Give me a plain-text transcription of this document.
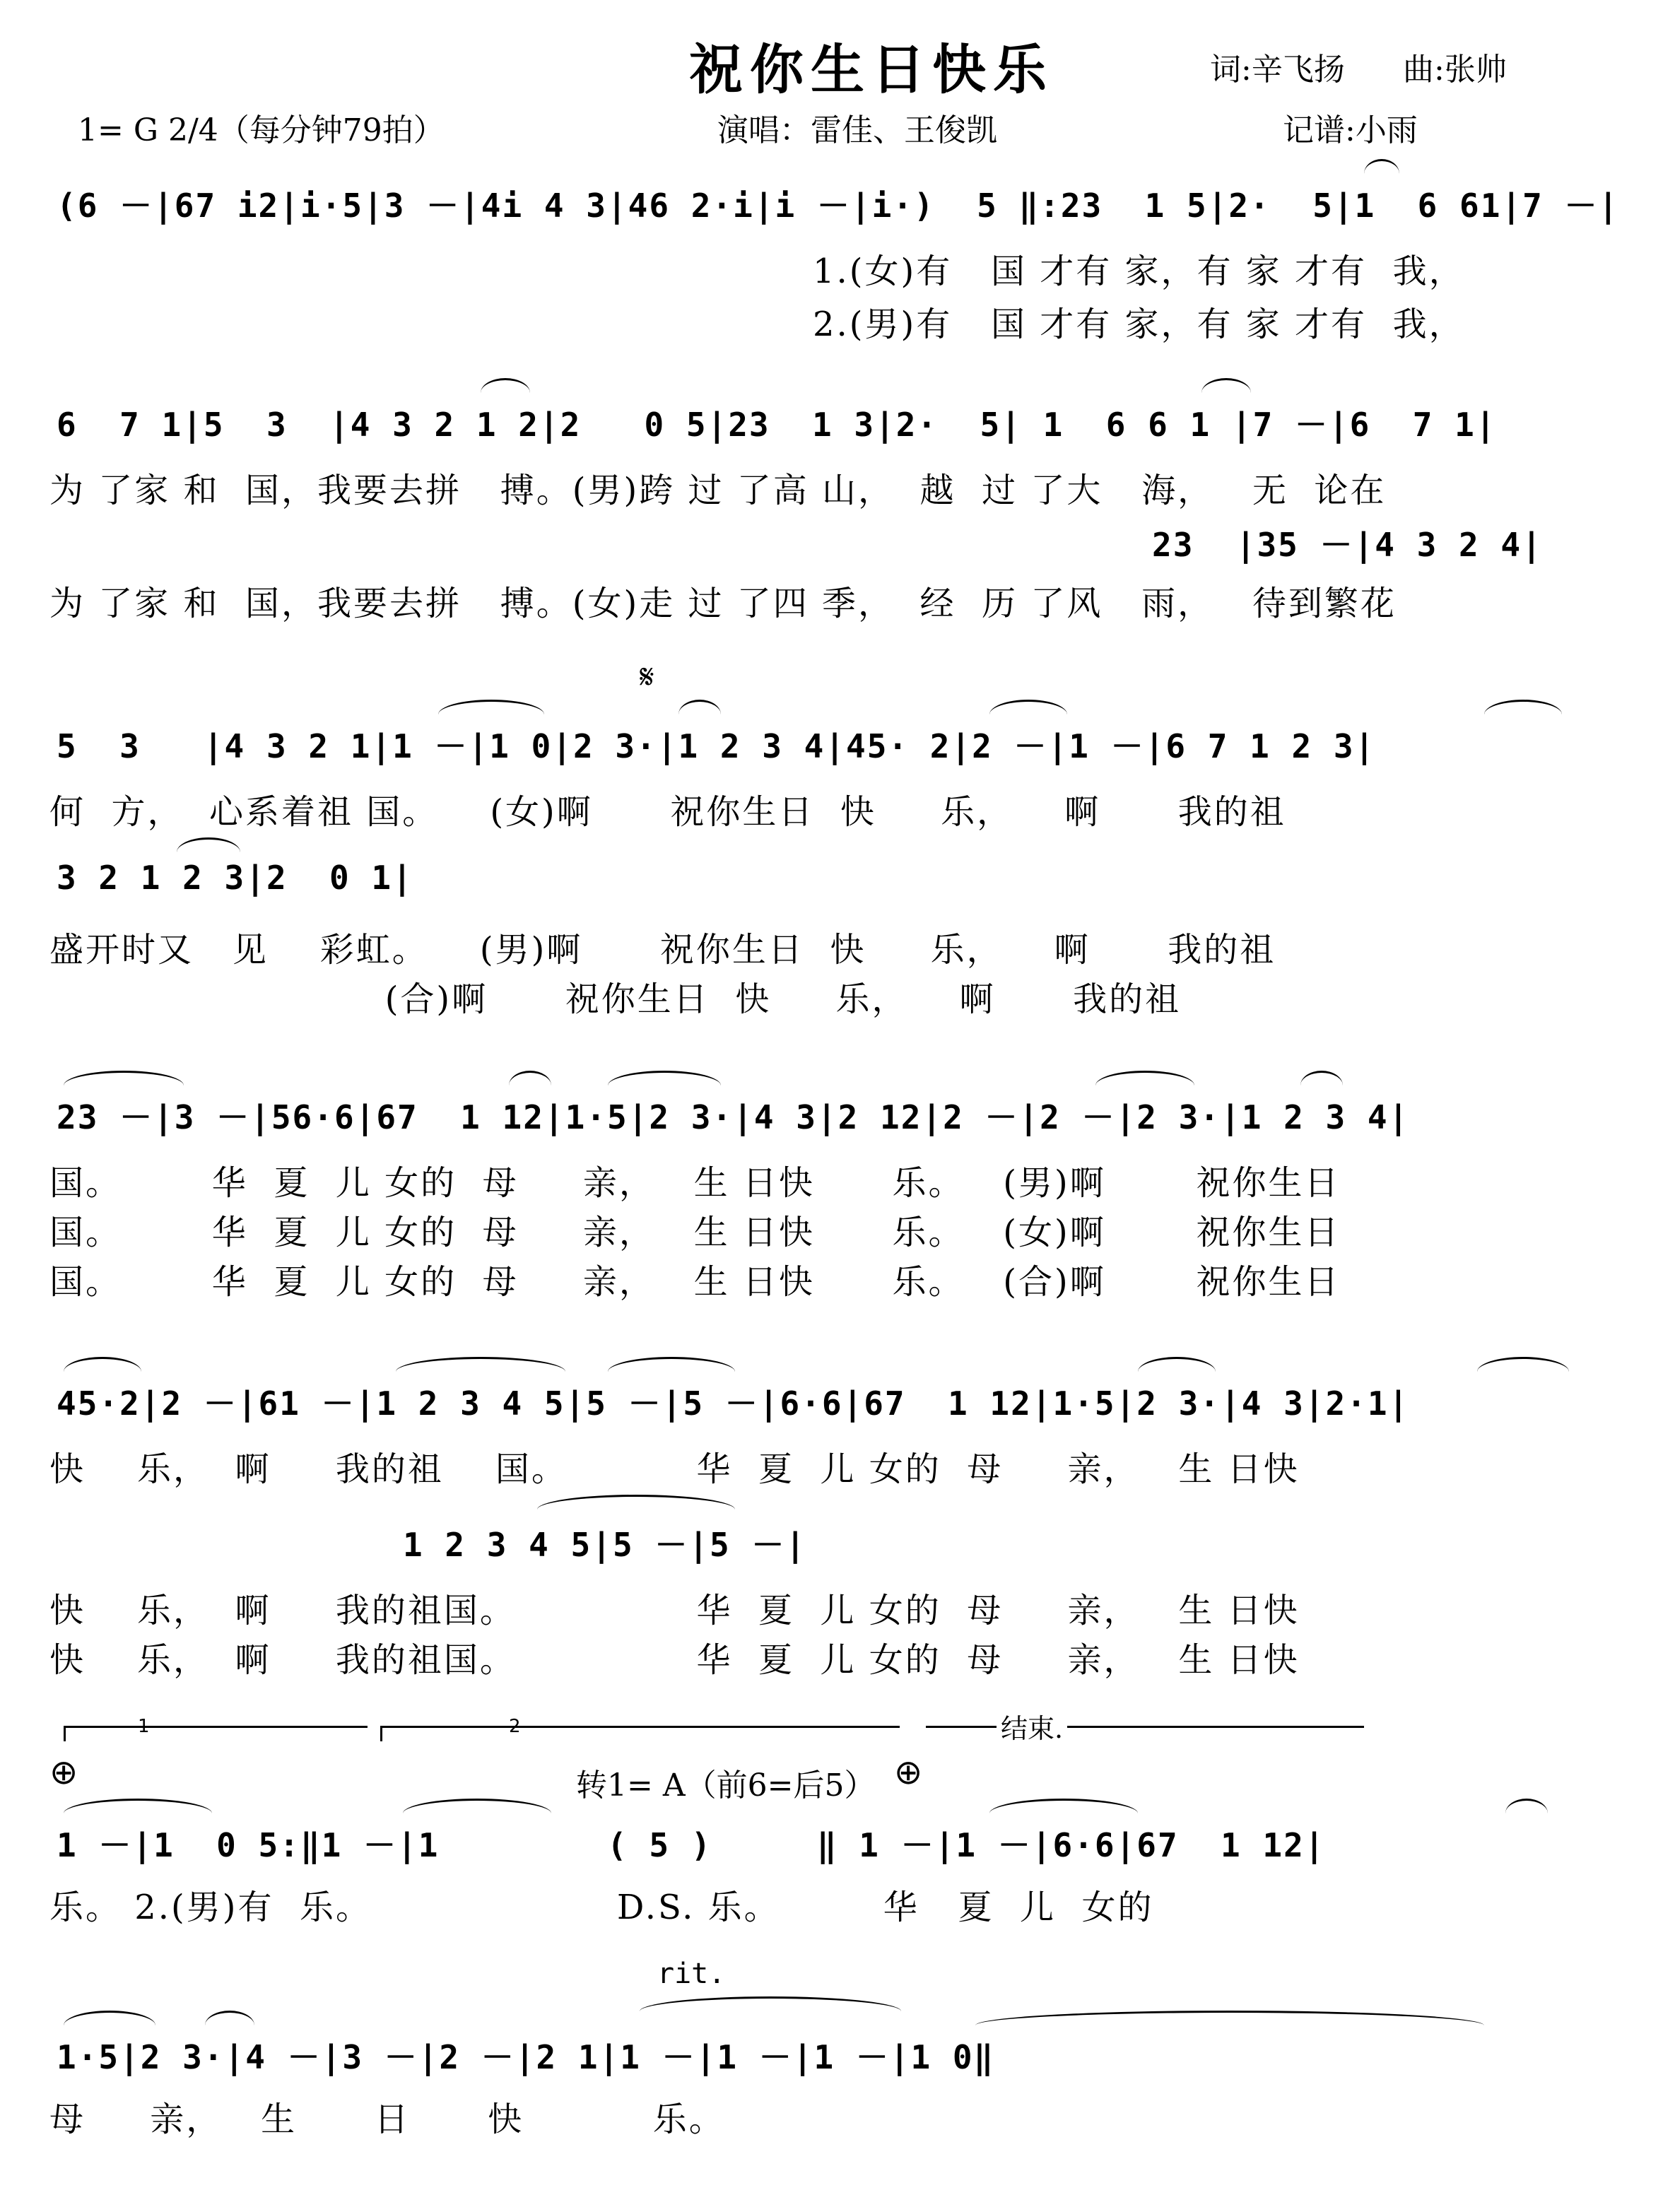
祝你生日快乐	词:辛飞扬 曲:张帅
1= G 2/4（每分钟79拍）	演唱：雷佳、王俊凯	记谱:小雨
(6 －|67 i2|i·5|3 －|4i 4 3|46 2·i|i －|i·)  5 ‖:23  1 5|2·  5|1  6 61|7 －|
1.(女)有   国 才有 家，有 家 才有  我，
2.(男)有   国 才有 家，有 家 才有  我，
6  7 1|5  3  |4 3 2 1 2|2   0 5|23  1 3|2·  5| 1  6 6 1 |7 －|6  7 1|
为 了家 和  国，我要去拼   搏。(男)跨 过 了高 山，  越  过 了大   海，   无  论在
23  |35 －|4 3 2 4|
为 了家 和  国，我要去拼   搏。(女)走 过 了四 季，  经  历 了风   雨，   待到繁花
𝄋
5  3   |4 3 2 1|1 －|1 0|2 3·|1 2 3 4|45· 2|2 －|1 －|6 7 1 2 3|
何  方，  心系着祖 国。    (女)啊      祝你生日  快     乐，    啊      我的祖
3 2 1 2 3|2  0 1|
盛开时又   见    彩虹。    (男)啊      祝你生日  快     乐，    啊      我的祖
(合)啊      祝你生日  快     乐，    啊      我的祖
23 －|3 －|56·6|67  1 12|1·5|2 3·|4 3|2 12|2 －|2 －|2 3·|1 2 3 4|
国。       华  夏  儿 女的  母     亲，   生 日快      乐。   (男)啊       祝你生日
国。       华  夏  儿 女的  母     亲，   生 日快      乐。   (女)啊       祝你生日
国。       华  夏  儿 女的  母     亲，   生 日快      乐。   (合)啊       祝你生日
45·2|2 －|61 －|1 2 3 4 5|5 －|5 －|6·6|67  1 12|1·5|2 3·|4 3|2·1|
快    乐，  啊     我的祖    国。          华  夏  儿 女的  母     亲，   生 日快
1 2 3 4 5|5 －|5 －|
快    乐，  啊     我的祖国。              华  夏  儿 女的  母     亲，   生 日快
快    乐，  啊     我的祖国。              华  夏  儿 女的  母     亲，   生 日快
1	2	结束.
⊕	⊕
转1= A（前6=后5）
1 －|1  0 5:‖1 －|1        ( 5 )     ‖ 1 －|1 －|6·6|67  1 12|
乐。 2.(男)有  乐。                   D.S. 乐。        华   夏  儿  女的
rit.
1·5|2 3·|4 －|3 －|2 －|2 1|1 －|1 －|1 －|1 0‖
母     亲，   生      日      快          乐。
